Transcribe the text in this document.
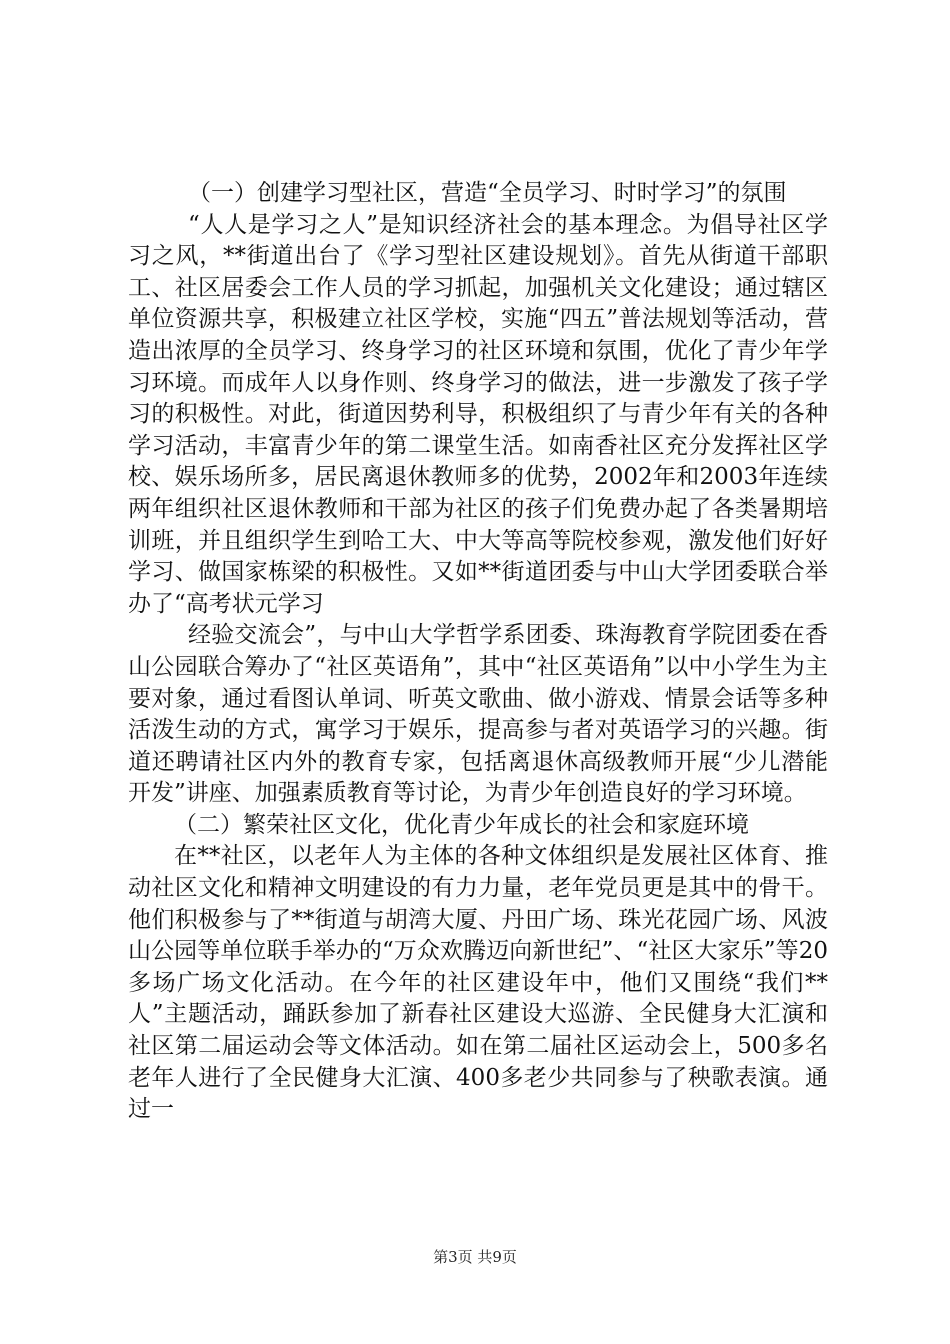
（一）创建学习型社区，营造“全员学习、时时学习”的氛围

“人人是学习之人”是知识经济社会的基本理念。为倡导社区学习之风，**街道出台了《学习型社区建设规划》。首先从街道干部职工、社区居委会工作人员的学习抓起，加强机关文化建设；通过辖区单位资源共享，积极建立社区学校，实施“四五”普法规划等活动，营造出浓厚的全员学习、终身学习的社区环境和氛围，优化了青少年学习环境。而成年人以身作则、终身学习的做法，进一步激发了孩子学习的积极性。对此，街道因势利导，积极组织了与青少年有关的各种学习活动，丰富青少年的第二课堂生活。如南香社区充分发挥社区学校、娱乐场所多，居民离退休教师多的优势，2002年和2003年连续两年组织社区退休教师和干部为社区的孩子们免费办起了各类暑期培训班，并且组织学生到哈工大、中大等高等院校参观，激发他们好好学习、做国家栋梁的积极性。又如**街道团委与中山大学团委联合举办了“高考状元学习

经验交流会”，与中山大学哲学系团委、珠海教育学院团委在香山公园联合筹办了“社区英语角”，其中“社区英语角”以中小学生为主要对象，通过看图认单词、听英文歌曲、做小游戏、情景会话等多种活泼生动的方式，寓学习于娱乐，提高参与者对英语学习的兴趣。街道还聘请社区内外的教育专家，包括离退休高级教师开展“少儿潜能开发”讲座、加强素质教育等讨论，为青少年创造良好的学习环境。

（二）繁荣社区文化，优化青少年成长的社会和家庭环境

在**社区，以老年人为主体的各种文体组织是发展社区体育、推动社区文化和精神文明建设的有力力量，老年党员更是其中的骨干。他们积极参与了**街道与胡湾大厦、丹田广场、珠光花园广场、风波山公园等单位联手举办的“万众欢腾迈向新世纪”、“社区大家乐”等20多场广场文化活动。在今年的社区建设年中，他们又围绕“我们**人”主题活动，踊跃参加了新春社区建设大巡游、全民健身大汇演和社区第二届运动会等文体活动。如在第二届社区运动会上，500多名老年人进行了全民健身大汇演、400多老少共同参与了秧歌表演。通过一

第3页 共9页
